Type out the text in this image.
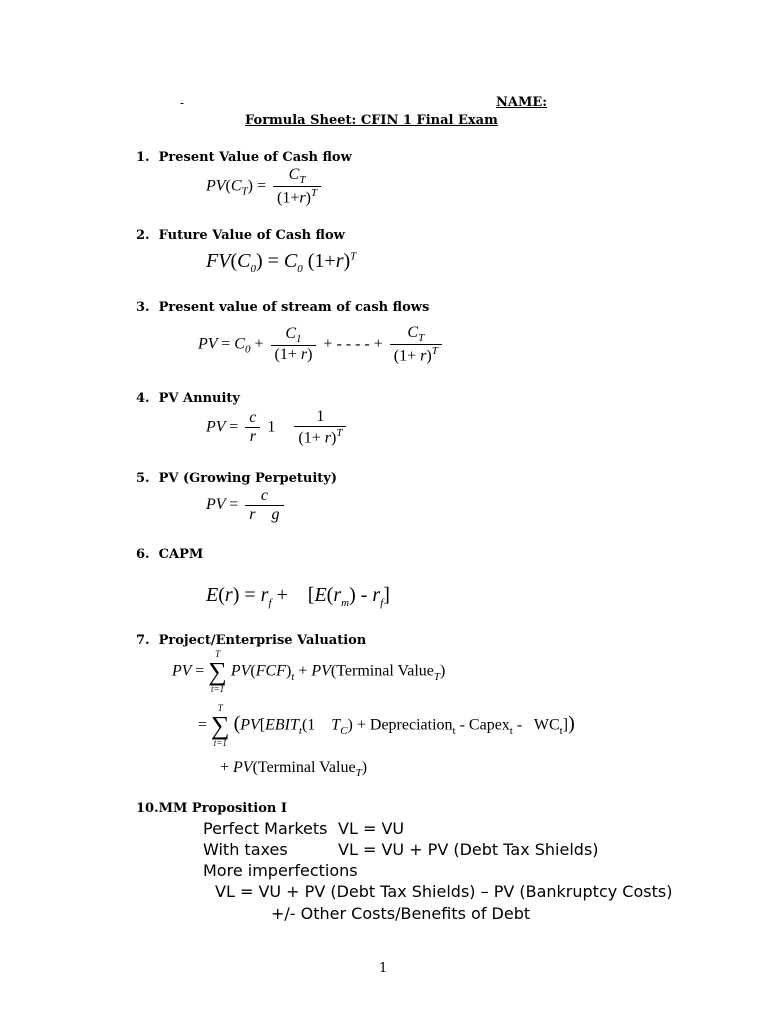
-	NAME:
Formula Sheet: CFIN 1 Final Exam
1. Present Value of Cash flow
$PV(C_T) = \frac{C_T}{(1+r)^T}$
2. Future Value of Cash flow
$FV(C_0) = C_0$ $(1+r)^T$
3. Present value of stream of cash flows
PV = $C_0 + \frac{C_1}{(1+ r)}$ + - - - - + $\frac{C_T}{(1+ r)^T}$
4. PV Annuity
PV = $\frac{c}{r} 1 \frac{1}{(1+ r)^T}$
5. PV (Growing Perpetuity)
PV = $\frac{c}{\text{r    g}}$
6. CAPM
$E(r) = r_f + [E(r_m) - r_f]$
7. Project/Enterprise Valuation
PV =
T
∑
t=1
$PV(FCF)_t$ + PV(Terminal Value$_T$)
=
T
∑
t=1
($PV[EBIT_t(1$    $T_C$) + Depreciation$_t$ - Capex$_t$ -   $WC_t$])
+ PV(Terminal Value$_T$)
10.MM Proposition I
Perfect Markets VL = VU
With taxes	VL = VU + PV (Debt Tax Shields)
More imperfections
VL = VU + PV (Debt Tax Shields) – PV (Bankruptcy Costs)
+/- Other Costs/Benefits of Debt
1
